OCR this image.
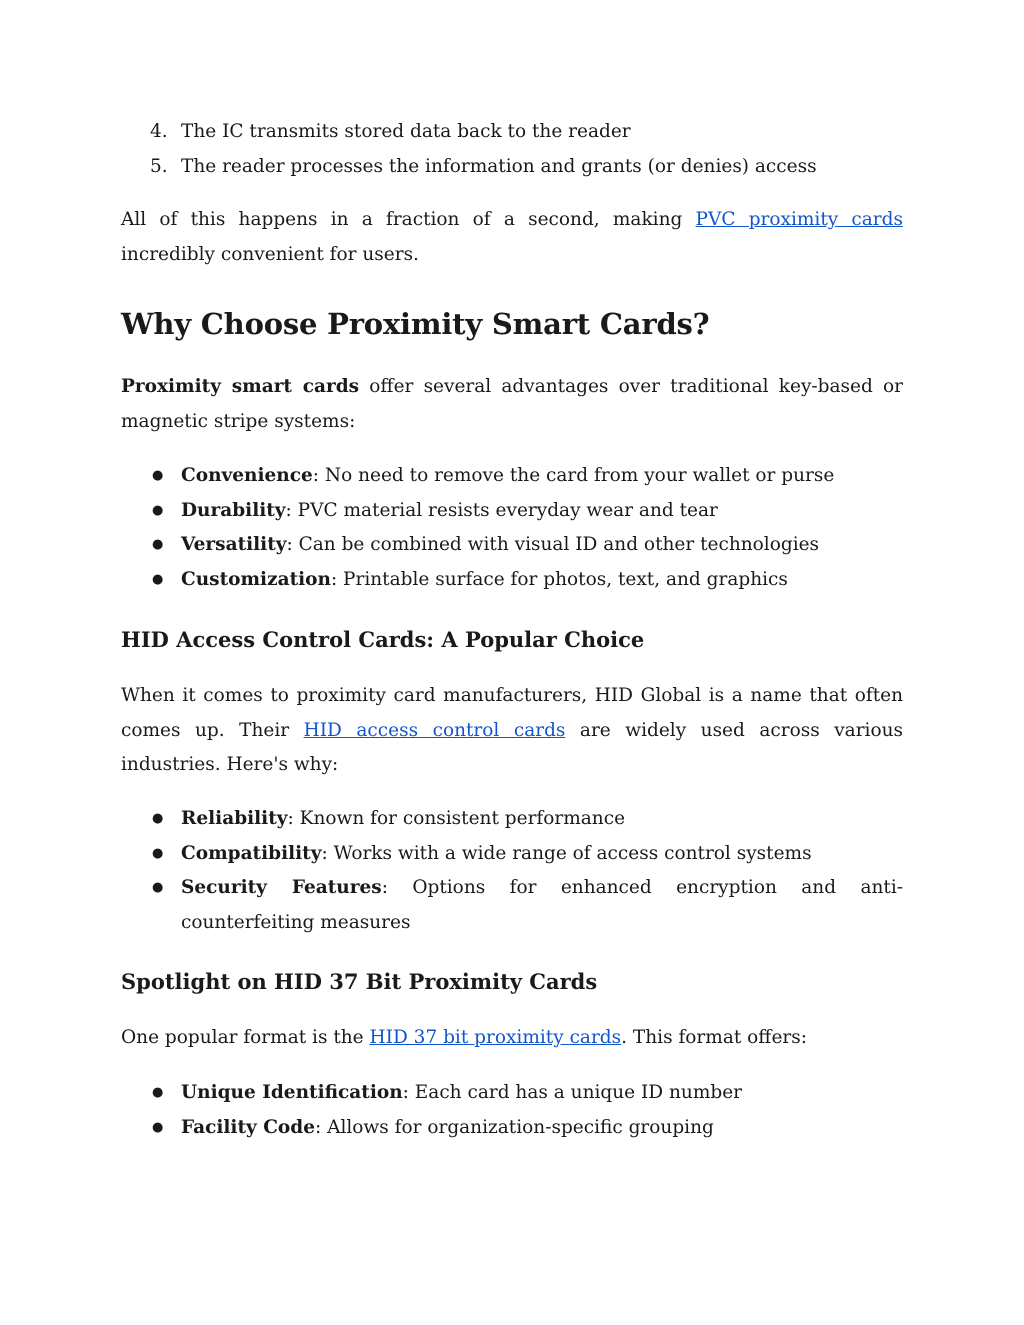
4. The IC transmits stored data back to the reader
5. The reader processes the information and grants (or denies) access

All of this happens in a fraction of a second, making PVC proximity cards incredibly convenient for users.

Why Choose Proximity Smart Cards?

Proximity smart cards offer several advantages over traditional key-based or magnetic stripe systems:

● Convenience: No need to remove the card from your wallet or purse
● Durability: PVC material resists everyday wear and tear
● Versatility: Can be combined with visual ID and other technologies
● Customization: Printable surface for photos, text, and graphics
HID Access Control Cards: A Popular Choice

When it comes to proximity card manufacturers, HID Global is a name that often comes up. Their HID access control cards are widely used across various industries. Here's why:

● Reliability: Known for consistent performance
● Compatibility: Works with a wide range of access control systems
● Security Features: Options for enhanced encryption and anti-counterfeiting measures
Spotlight on HID 37 Bit Proximity Cards

One popular format is the HID 37 bit proximity cards. This format offers:

● Unique Identification: Each card has a unique ID number
● Facility Code: Allows for organization-specific grouping
